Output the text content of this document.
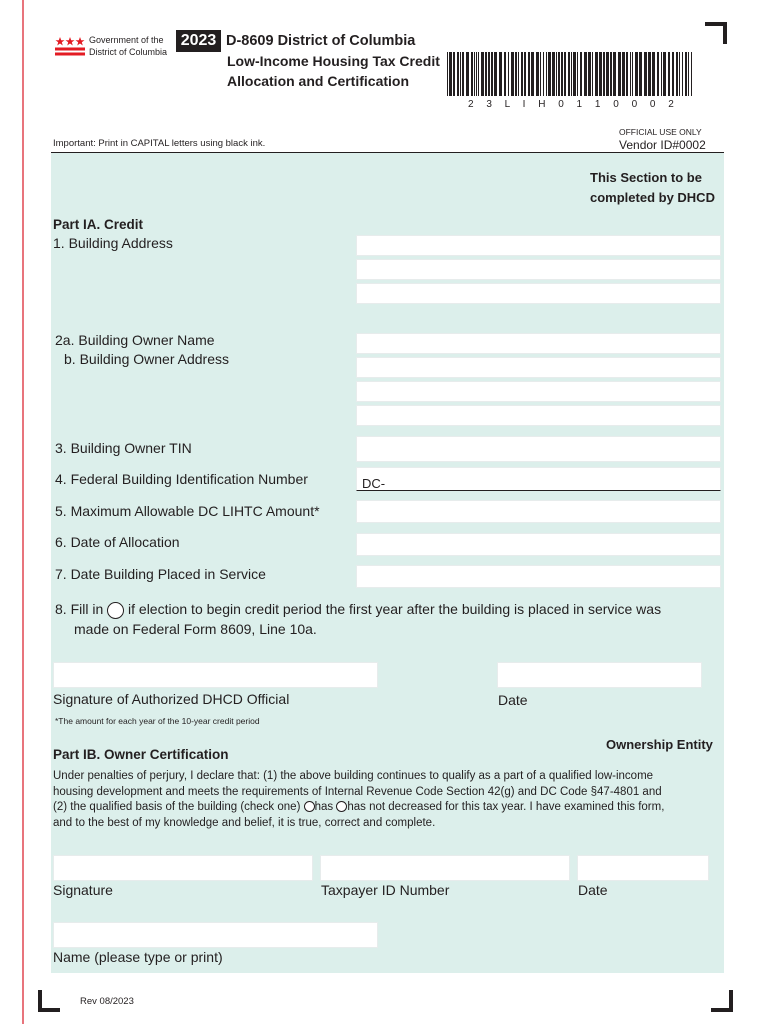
Government of the
District of Columbia
2023 D-8609 District of Columbia
Low-Income Housing Tax Credit
Allocation and Certification
2 3 L I H 0 1 1 0 0 0 2
Important: Print in CAPITAL letters using black ink.
OFFICIAL USE ONLY
Vendor ID#0002
This Section to be
completed by DHCD
Part IA. Credit
1. Building Address
2a. Building Owner Name
b. Building Owner Address
3. Building Owner TIN
4. Federal Building Identification Number	DC-
5. Maximum Allowable DC LIHTC Amount*
6. Date of Allocation
7. Date Building Placed in Service
8. Fill in if election to begin credit period the first year after the building is placed in service was
made on Federal Form 8609, Line 10a.
Signature of Authorized DHCD Official	Date
*The amount for each year of the 10-year credit period
Ownership Entity
Part IB. Owner Certification
Under penalties of perjury, I declare that: (1) the above building continues to qualify as a part of a qualified low-income
housing development and meets the requirements of Internal Revenue Code Section 42(g) and DC Code §47-4801 and
(2) the qualified basis of the building (check one) has has not decreased for this tax year. I have examined this form,
and to the best of my knowledge and belief, it is true, correct and complete.
Signature	Taxpayer ID Number	Date
Name (please type or print)
Rev 08/2023
